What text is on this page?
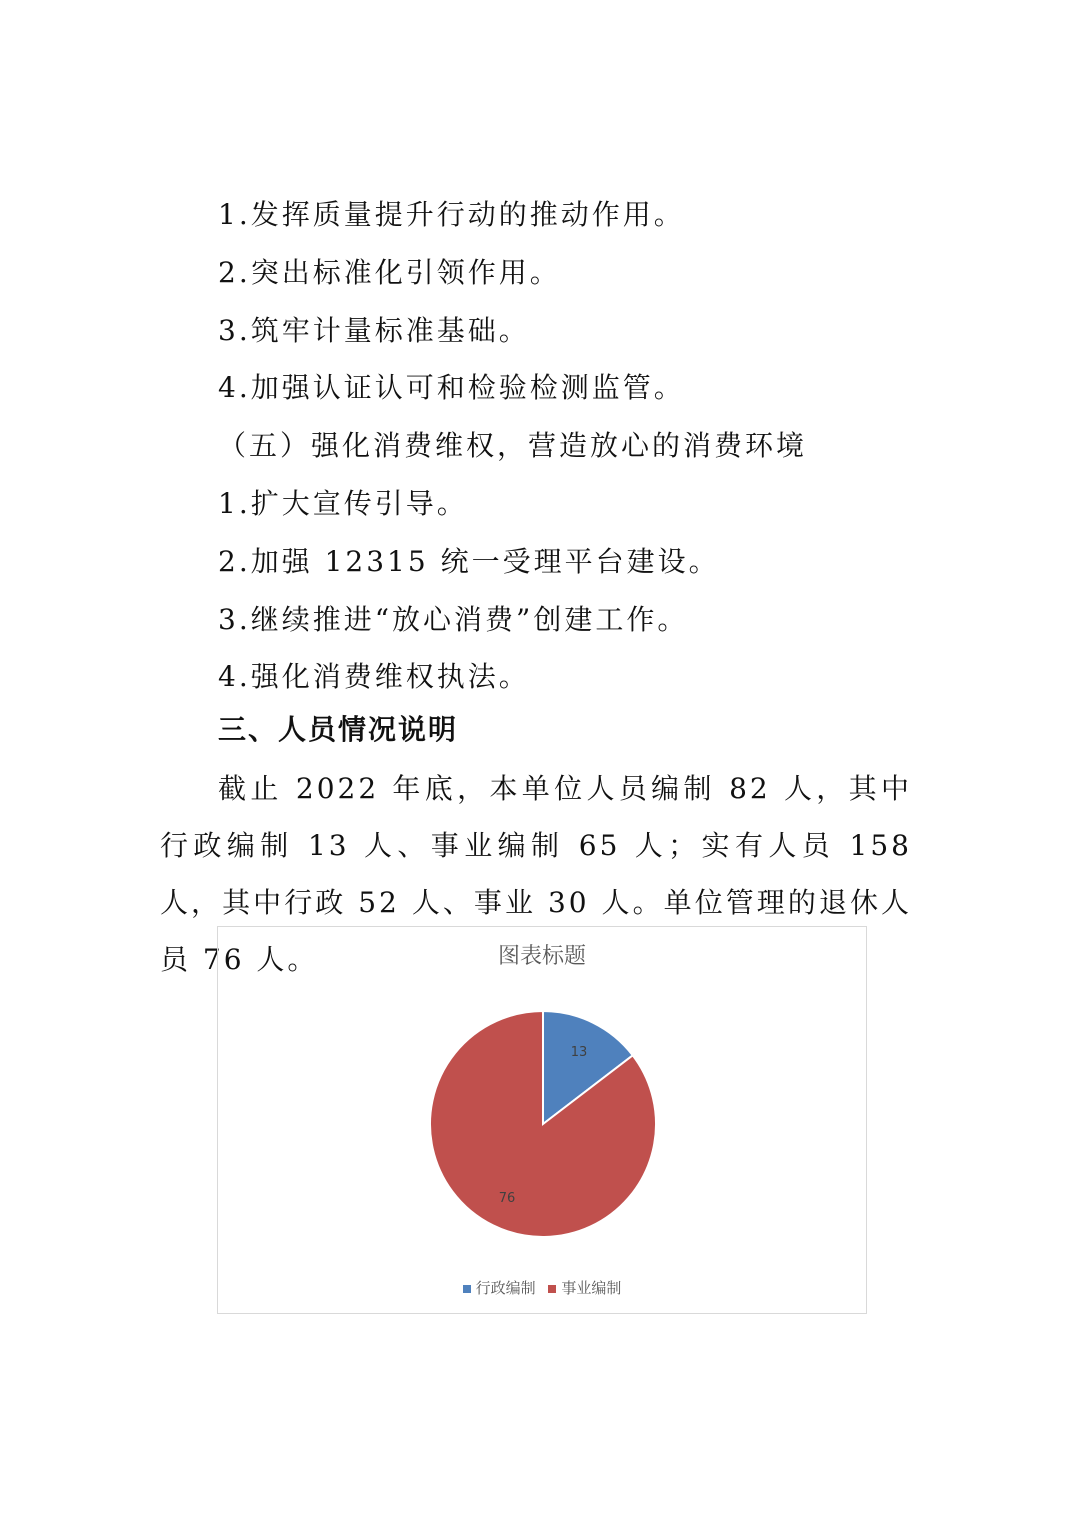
1.发挥质量提升行动的推动作用。
2.突出标准化引领作用。
3.筑牢计量标准基础。
4.加强认证认可和检验检测监管。
（五）强化消费维权，营造放心的消费环境
1.扩大宣传引导。
2.加强 12315 统一受理平台建设。
3.继续推进“放心消费”创建工作。
4.强化消费维权执法。
三、人员情况说明
截止 2022 年底，本单位人员编制 82 人，其中行政编制 13 人、事业编制 65 人；实有人员 158 人，其中行政 52 人、事业 30 人。单位管理的退休人员 76 人。	图表标题
13
76
行政编制 事业编制
